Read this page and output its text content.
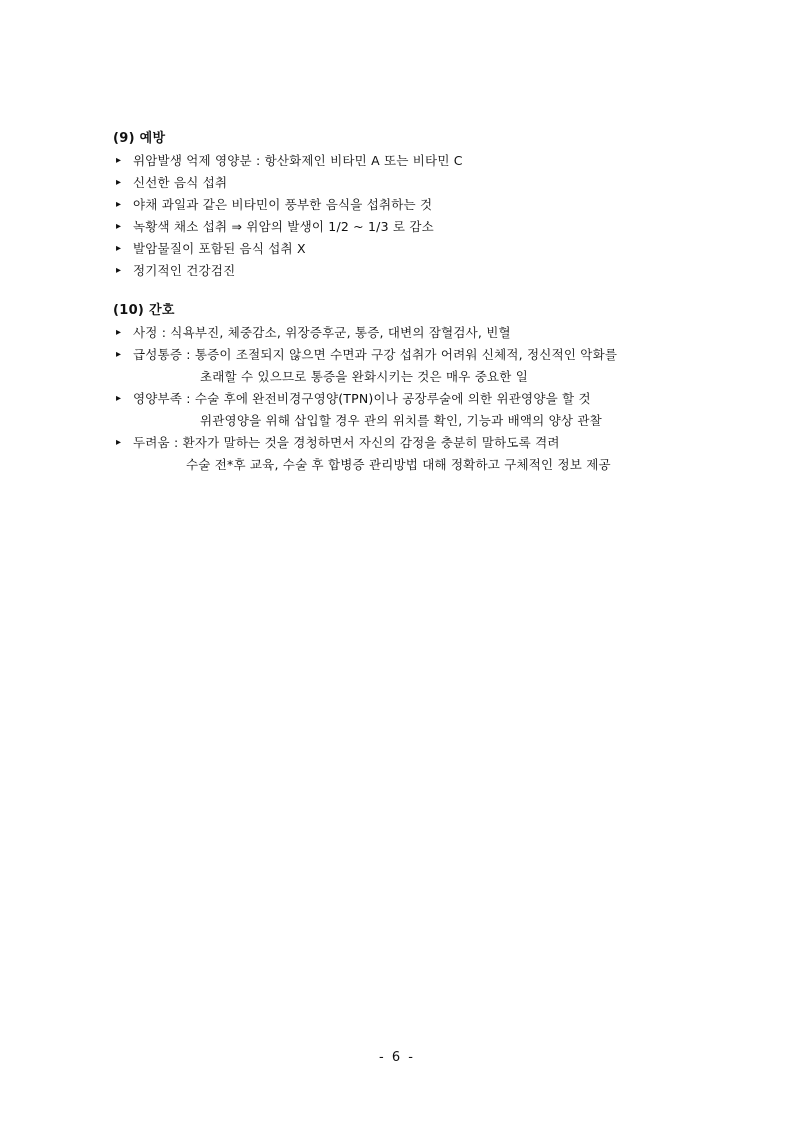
(9) 예방
▸ 위암발생 억제 영양분 : 항산화제인 비타민 A 또는 비타민 C
▸ 신선한 음식 섭취
▸ 야채 과일과 같은 비타민이 풍부한 음식을 섭취하는 것
▸ 녹황색 채소 섭취 ⇒ 위암의 발생이 1/2 ~ 1/3 로 감소
▸ 발암물질이 포함된 음식 섭취 X
▸ 정기적인 건강검진
(10) 간호
▸ 사정 : 식욕부진, 체중감소, 위장증후군, 통증, 대변의 잠혈검사, 빈혈
▸ 급성통증 : 통증이 조절되지 않으면 수면과 구강 섭취가 어려워 신체적, 정신적인 악화를
초래할 수 있으므로 통증을 완화시키는 것은 매우 중요한 일
▸ 영양부족 : 수술 후에 완전비경구영양(TPN)이나 공장루술에 의한 위관영양을 할 것
위관영양을 위해 삽입할 경우 관의 위치를 확인, 기능과 배액의 양상 관찰
▸ 두려움 : 환자가 말하는 것을 경청하면서 자신의 감정을 충분히 말하도록 격려
수술 전*후 교육, 수술 후 합병증 관리방법 대해 정확하고 구체적인 정보 제공
- 6 -
